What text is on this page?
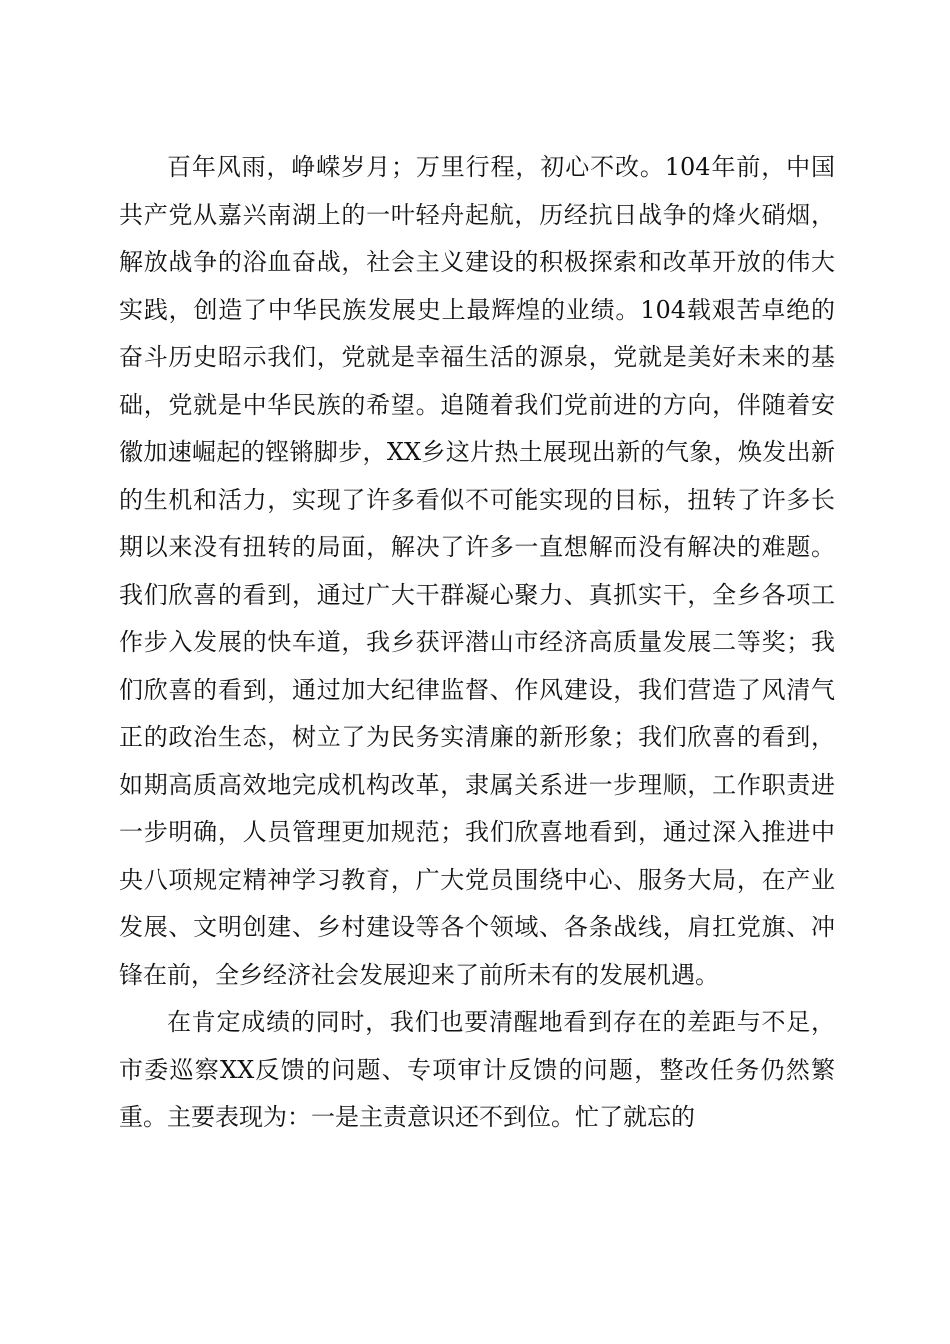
百年风雨，峥嵘岁月；万里行程，初心不改。104年前，中国共产党从嘉兴南湖上的一叶轻舟起航，历经抗日战争的烽火硝烟，解放战争的浴血奋战，社会主义建设的积极探索和改革开放的伟大实践，创造了中华民族发展史上最辉煌的业绩。104载艰苦卓绝的奋斗历史昭示我们，党就是幸福生活的源泉，党就是美好未来的基础，党就是中华民族的希望。追随着我们党前进的方向，伴随着安徽加速崛起的铿锵脚步，XX乡这片热土展现出新的气象，焕发出新的生机和活力，实现了许多看似不可能实现的目标，扭转了许多长期以来没有扭转的局面，解决了许多一直想解而没有解决的难题。我们欣喜的看到，通过广大干群凝心聚力、真抓实干，全乡各项工作步入发展的快车道，我乡获评潜山市经济高质量发展二等奖；我们欣喜的看到，通过加大纪律监督、作风建设，我们营造了风清气正的政治生态，树立了为民务实清廉的新形象；我们欣喜的看到，如期高质高效地完成机构改革，隶属关系进一步理顺，工作职责进一步明确，人员管理更加规范；我们欣喜地看到，通过深入推进中央八项规定精神学习教育，广大党员围绕中心、服务大局，在产业发展、文明创建、乡村建设等各个领域、各条战线，肩扛党旗、冲锋在前，全乡经济社会发展迎来了前所未有的发展机遇。

在肯定成绩的同时，我们也要清醒地看到存在的差距与不足，市委巡察XX反馈的问题、专项审计反馈的问题，整改任务仍然繁重。主要表现为：一是主责意识还不到位。忙了就忘的
